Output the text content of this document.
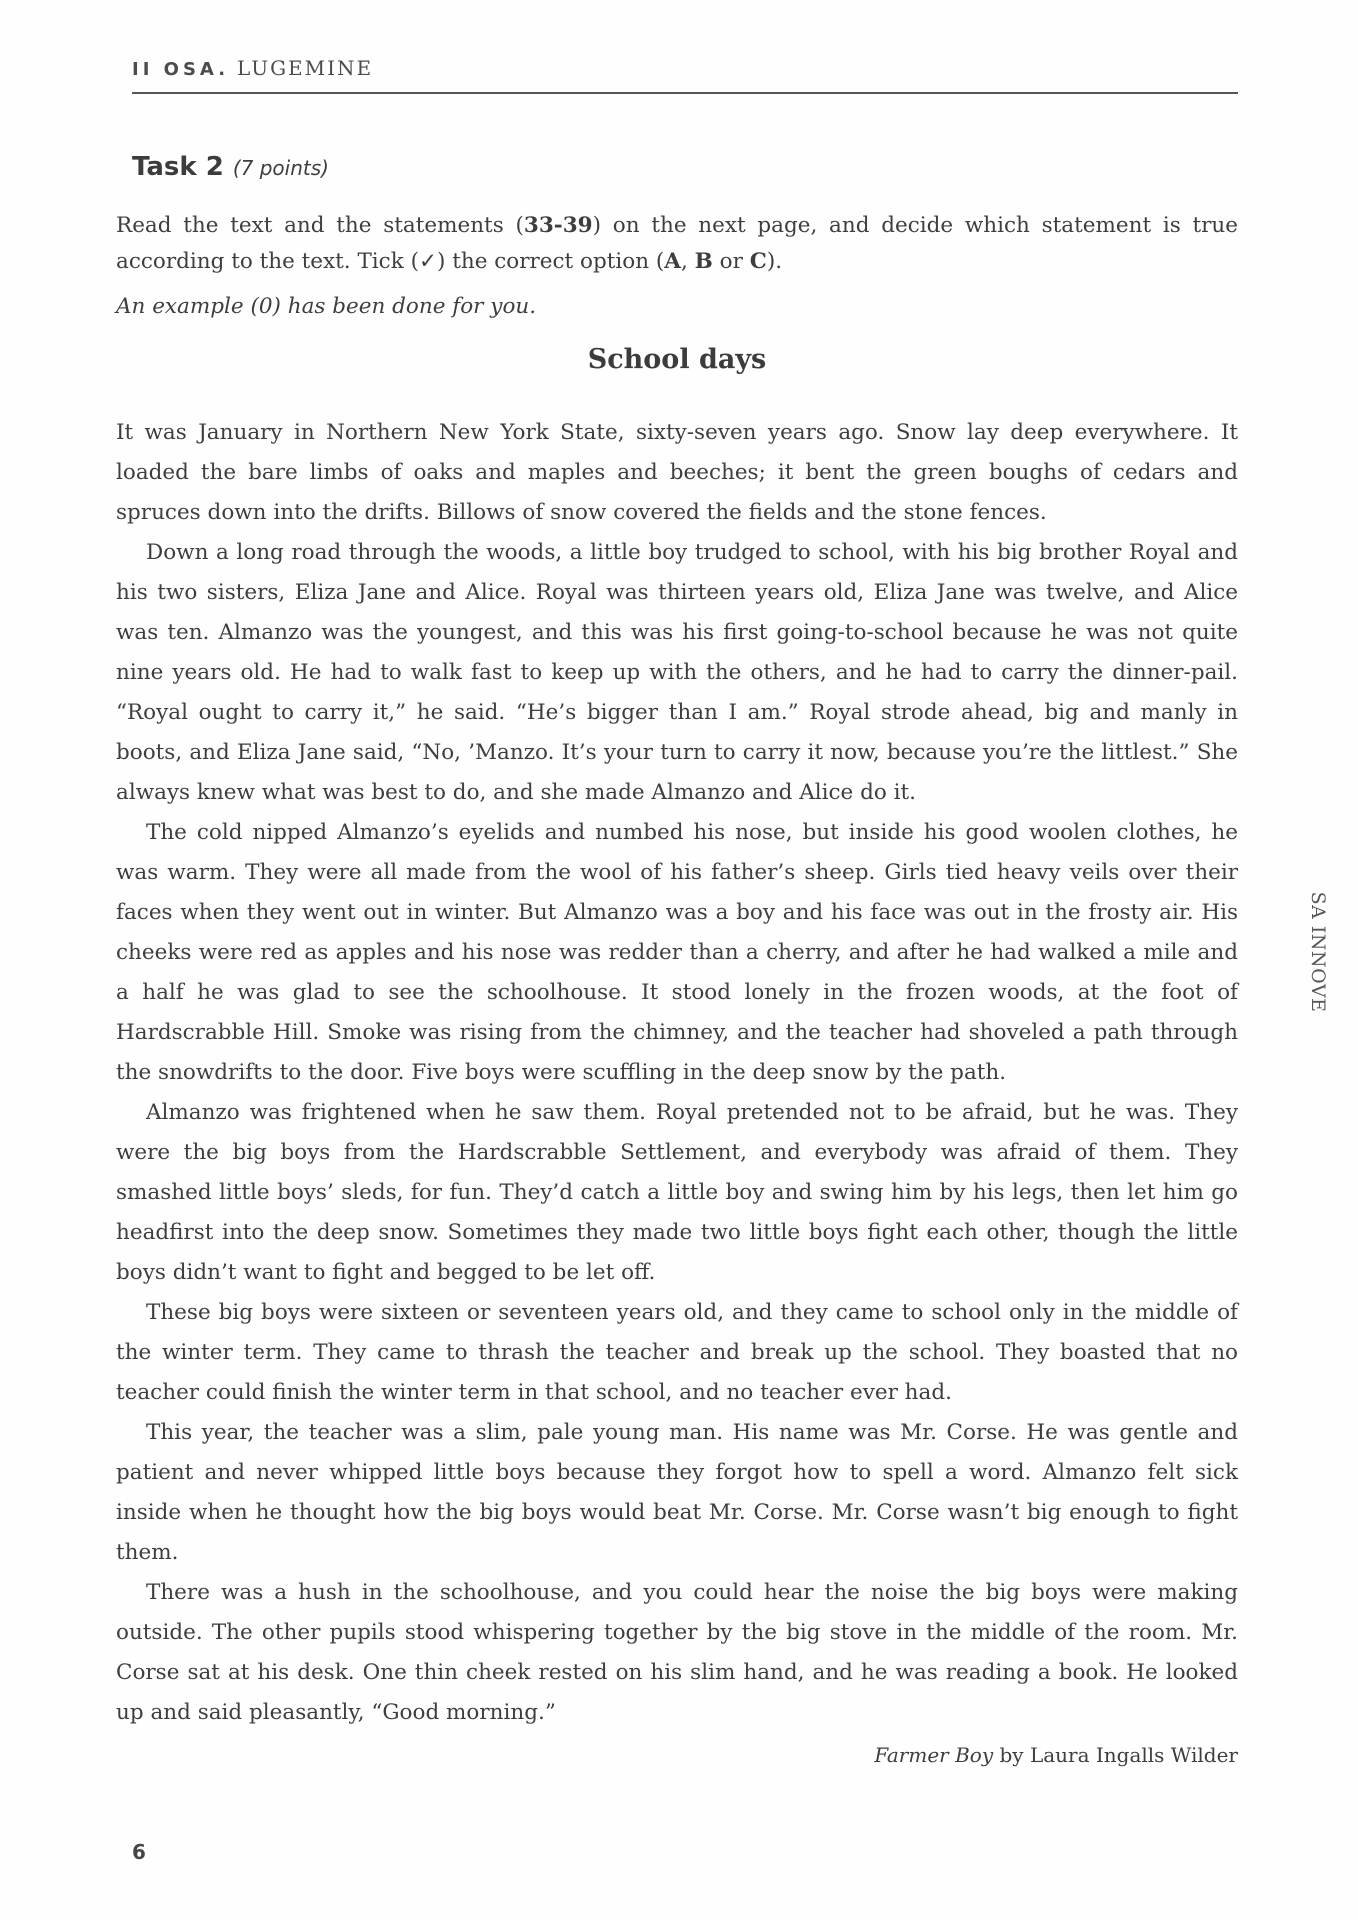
II OSA. LUGEMINE
Task 2 (7 points)

Read the text and the statements (33-39) on the next page, and decide which statement is true according to the text. Tick (✓) the correct option (A, B or C).

An example (0) has been done for you.

School days

It was January in Northern New York State, sixty-seven years ago. Snow lay deep everywhere. It loaded the bare limbs of oaks and maples and beeches; it bent the green boughs of cedars and spruces down into the drifts. Billows of snow covered the fields and the stone fences.

Down a long road through the woods, a little boy trudged to school, with his big brother Royal and his two sisters, Eliza Jane and Alice. Royal was thirteen years old, Eliza Jane was twelve, and Alice was ten. Almanzo was the youngest, and this was his first going-to-school because he was not quite nine years old. He had to walk fast to keep up with the others, and he had to carry the dinner-pail. “Royal ought to carry it,” he said. “He’s bigger than I am.” Royal strode ahead, big and manly in boots, and Eliza Jane said, “No, ’Manzo. It’s your turn to carry it now, because you’re the littlest.” She always knew what was best to do, and she made Almanzo and Alice do it.

The cold nipped Almanzo’s eyelids and numbed his nose, but inside his good woolen clothes, he was warm. They were all made from the wool of his father’s sheep. Girls tied heavy veils over their faces when they went out in winter. But Almanzo was a boy and his face was out in the frosty air. His cheeks were red as apples and his nose was redder than a cherry, and after he had walked a mile and a half he was glad to see the schoolhouse. It stood lonely in the frozen woods, at the foot of Hardscrabble Hill. Smoke was rising from the chimney, and the teacher had shoveled a path through the snowdrifts to the door. Five boys were scuffling in the deep snow by the path.

Almanzo was frightened when he saw them. Royal pretended not to be afraid, but he was. They were the big boys from the Hardscrabble Settlement, and everybody was afraid of them. They smashed little boys’ sleds, for fun. They’d catch a little boy and swing him by his legs, then let him go headfirst into the deep snow. Sometimes they made two little boys fight each other, though the little boys didn’t want to fight and begged to be let off.

These big boys were sixteen or seventeen years old, and they came to school only in the middle of the winter term. They came to thrash the teacher and break up the school. They boasted that no teacher could finish the winter term in that school, and no teacher ever had.

This year, the teacher was a slim, pale young man. His name was Mr. Corse. He was gentle and patient and never whipped little boys because they forgot how to spell a word. Almanzo felt sick inside when he thought how the big boys would beat Mr. Corse. Mr. Corse wasn’t big enough to fight them.

There was a hush in the schoolhouse, and you could hear the noise the big boys were making outside. The other pupils stood whispering together by the big stove in the middle of the room. Mr. Corse sat at his desk. One thin cheek rested on his slim hand, and he was reading a book. He looked up and said pleasantly, “Good morning.”

Farmer Boy by Laura Ingalls Wilder

6
SA INNOVE
